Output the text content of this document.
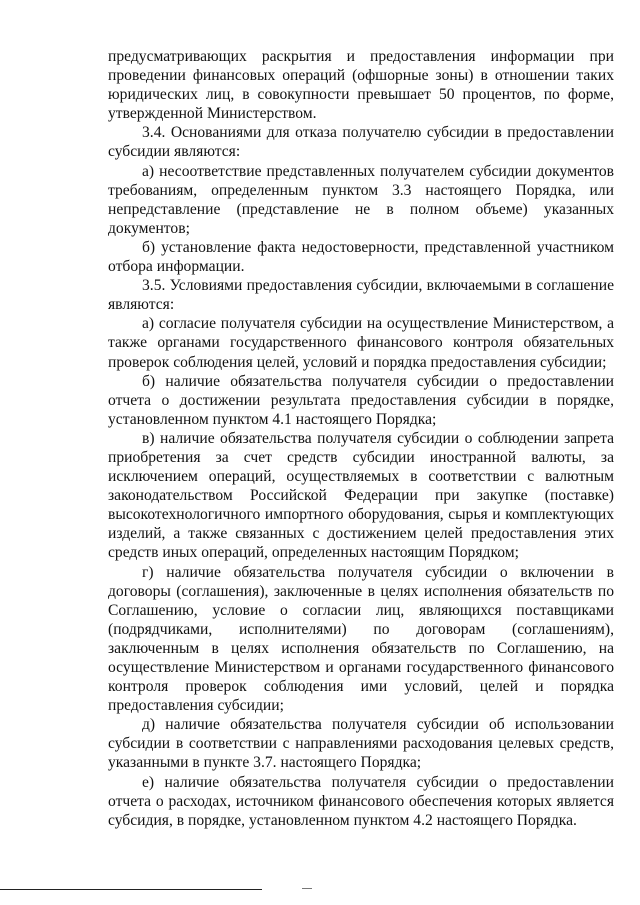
предусматривающих раскрытия и предоставления информации при проведении финансовых операций (офшорные зоны) в отношении таких юридических лиц, в совокупности превышает 50 процентов, по форме, утвержденной Министерством.

3.4. Основаниями для отказа получателю субсидии в предоставлении субсидии являются:

а) несоответствие представленных получателем субсидии документов требованиям, определенным пунктом 3.3 настоящего Порядка, или непредставление (представление не в полном объеме) указанных документов;

б) установление факта недостоверности, представленной участником отбора информации.

3.5. Условиями предоставления субсидии, включаемыми в соглашение являются:

а) согласие получателя субсидии на осуществление Министерством, а также органами государственного финансового контроля обязательных проверок соблюдения целей, условий и порядка предоставления субсидии;

б) наличие обязательства получателя субсидии о предоставлении отчета о достижении результата предоставления субсидии в порядке, установленном пунктом 4.1 настоящего Порядка;

в) наличие обязательства получателя субсидии о соблюдении запрета приобретения за счет средств субсидии иностранной валюты, за исключением операций, осуществляемых в соответствии с валютным законодательством Российской Федерации при закупке (поставке) высокотехнологичного импортного оборудования, сырья и комплектующих изделий, а также связанных с достижением целей предоставления этих средств иных операций, определенных настоящим Порядком;

г) наличие обязательства получателя субсидии о включении в договоры (соглашения), заключенные в целях исполнения обязательств по Соглашению, условие о согласии лиц, являющихся поставщиками (подрядчиками, исполнителями) по договорам (соглашениям), заключенным в целях исполнения обязательств по Соглашению, на осуществление Министерством и органами государственного финансового контроля проверок соблюдения ими условий, целей и порядка предоставления субсидии;

д) наличие обязательства получателя субсидии об использовании субсидии в соответствии с направлениями расходования целевых средств, указанными в пункте 3.7. настоящего Порядка;

е) наличие обязательства получателя субсидии о предоставлении отчета о расходах, источником финансового обеспечения которых является субсидия, в порядке, установленном пунктом 4.2 настоящего Порядка.
